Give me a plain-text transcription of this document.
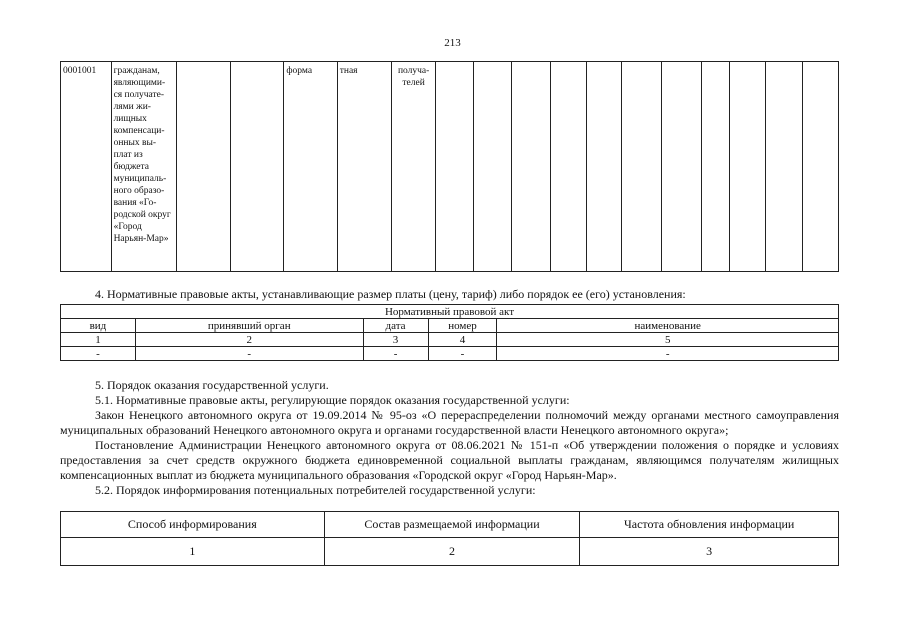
213
0001001	гражданам, являющими-ся получате-лями жи-лищных компенсаци-онных вы-плат из бюджета муниципаль-ного образо-вания «Го-родской округ «Город Нарьян-Мар»			форма	тная	получа-телей											
4. Нормативные правовые акты, устанавливающие размер платы (цену, тариф) либо порядок ее (его) установления:
Нормативный правовой акт				
вид	принявший орган	дата	номер	наименование
1	2	3	4	5
-	-	-	-	-

5. Порядок оказания государственной услуги.

5.1. Нормативные правовые акты, регулирующие порядок оказания государственной услуги:

Закон Ненецкого автономного округа от 19.09.2014 № 95-оз «О перераспределении полномочий между органами местного самоуправления муниципальных образований Ненецкого автономного округа и органами государственной власти Ненецкого автономного округа»;

Постановление Администрации Ненецкого автономного округа от 08.06.2021 № 151-п «Об утверждении положения о порядке и условиях предоставления за счет средств окружного бюджета единовременной социальной выплаты гражданам, являющимся получателям жилищных компенсационных выплат из бюджета муниципального образования «Городской округ «Город Нарьян-Мар».

5.2. Порядок информирования потенциальных потребителей государственной услуги:

Способ информирования	Состав размещаемой информации	Частота обновления информации
1	2	3
